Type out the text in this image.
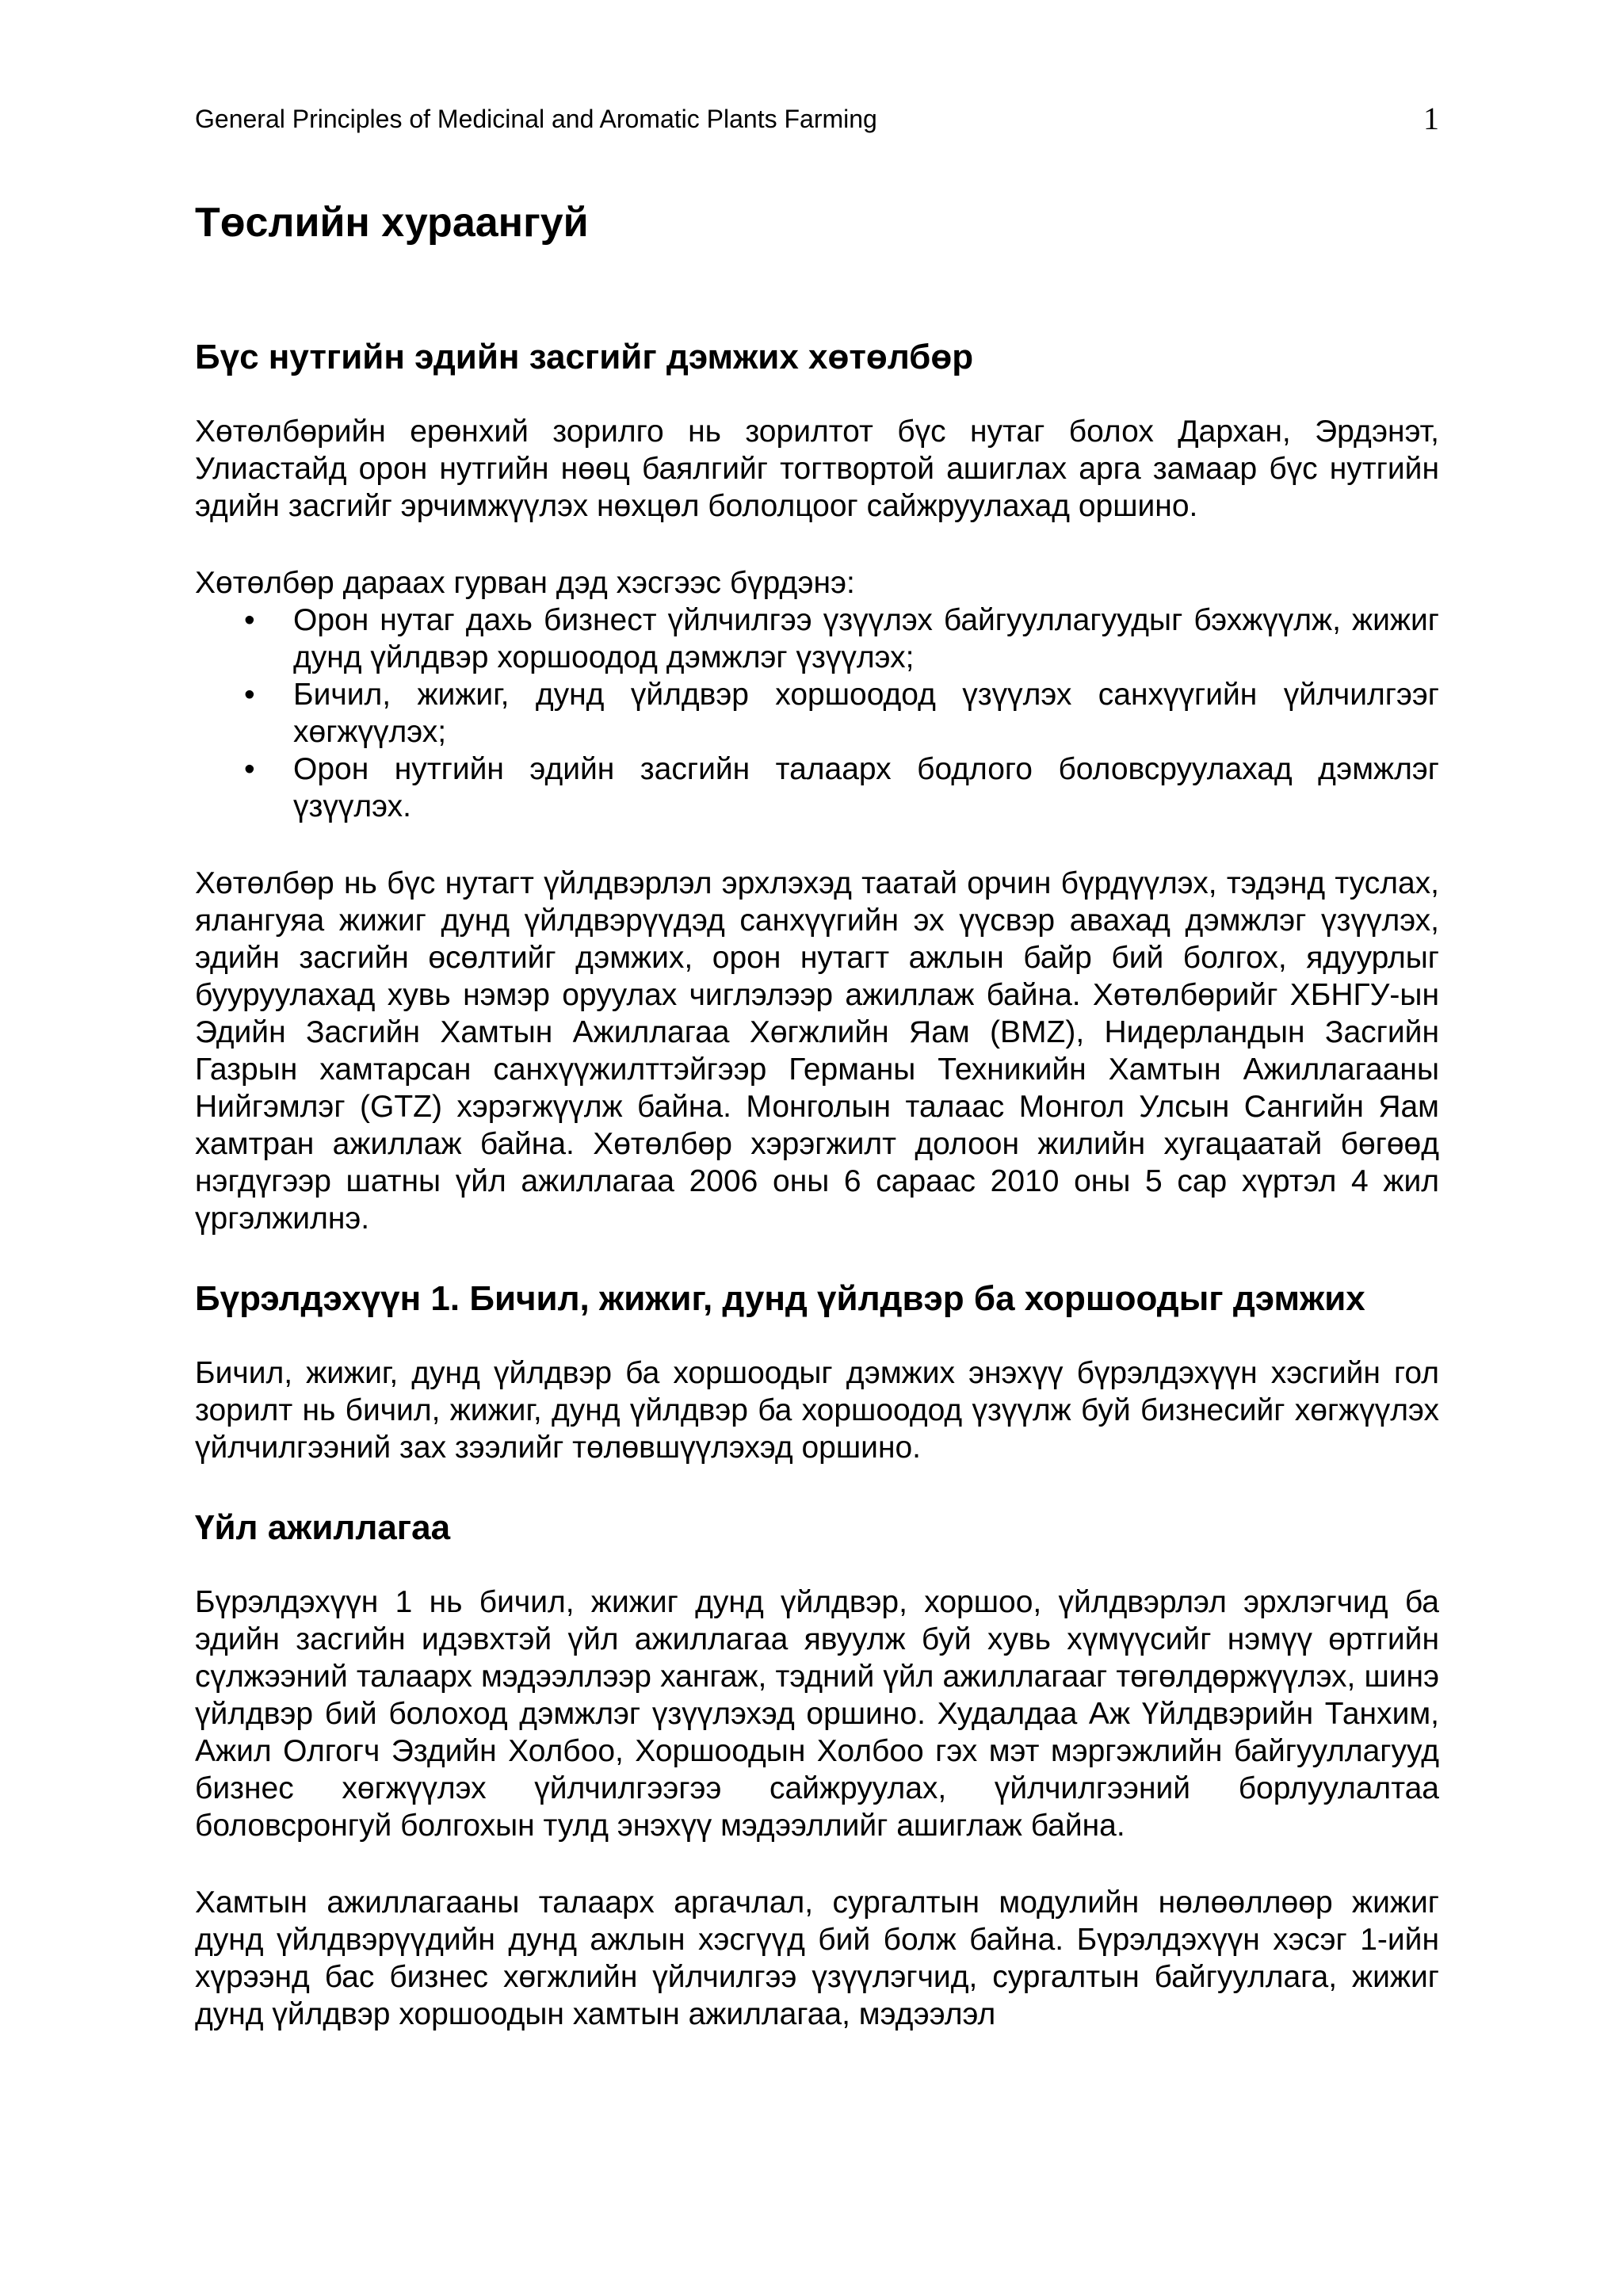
General Principles of Medicinal and Aromatic Plants Farming	1
Төслийн хураангуй
Бүс нутгийн эдийн засгийг дэмжих хөтөлбөр

Хөтөлбөрийн ерөнхий зорилго нь зорилтот бүс нутаг болох Дархан, Эрдэнэт, Улиастайд орон нутгийн нөөц баялгийг тогтвортой ашиглах арга замаар бүс нутгийн эдийн засгийг эрчимжүүлэх нөхцөл бололцоог сайжруулахад оршино.

Хөтөлбөр дараах гурван дэд хэсгээс бүрдэнэ:

• Орон нутаг дахь бизнест үйлчилгээ үзүүлэх байгууллагуудыг бэхжүүлж, жижиг дунд үйлдвэр хоршоодод дэмжлэг үзүүлэх;
• Бичил, жижиг, дунд үйлдвэр хоршоодод үзүүлэх санхүүгийн үйлчилгээг хөгжүүлэх;
• Орон нутгийн эдийн засгийн талаарх бодлого боловсруулахад дэмжлэг үзүүлэх.

Хөтөлбөр нь бүс нутагт үйлдвэрлэл эрхлэхэд таатай орчин бүрдүүлэх, тэдэнд туслах, ялангуяа жижиг дунд үйлдвэрүүдэд санхүүгийн эх үүсвэр авахад дэмжлэг үзүүлэх, эдийн засгийн өсөлтийг дэмжих, орон нутагт ажлын байр бий болгох, ядуурлыг бууруулахад хувь нэмэр оруулах чиглэлээр ажиллаж байна. Хөтөлбөрийг ХБНГУ-ын Эдийн Засгийн Хамтын Ажиллагаа Хөгжлийн Яам (BMZ), Нидерландын Засгийн Газрын хамтарсан санхүүжилттэйгээр Германы Техникийн Хамтын Ажиллагааны Нийгэмлэг (GTZ) хэрэгжүүлж байна. Монголын талаас Монгол Улсын Сангийн Яам хамтран ажиллаж байна. Хөтөлбөр хэрэгжилт долоон жилийн хугацаатай бөгөөд нэгдүгээр шатны үйл ажиллагаа 2006 оны 6 сараас 2010 оны 5 сар хүртэл 4 жил үргэлжилнэ.

Бүрэлдэхүүн 1. Бичил, жижиг, дунд үйлдвэр ба хоршоодыг дэмжих

Бичил, жижиг, дунд үйлдвэр ба хоршоодыг дэмжих энэхүү бүрэлдэхүүн хэсгийн гол зорилт нь бичил, жижиг, дунд үйлдвэр ба хоршоодод үзүүлж буй бизнесийг хөгжүүлэх үйлчилгээний зах зээлийг төлөвшүүлэхэд оршино.

Үйл ажиллагаа

Бүрэлдэхүүн 1 нь бичил, жижиг дунд үйлдвэр, хоршоо, үйлдвэрлэл эрхлэгчид ба эдийн засгийн идэвхтэй үйл ажиллагаа явуулж буй хувь хүмүүсийг нэмүү өртгийн сүлжээний талаарх мэдээллээр хангаж, тэдний үйл ажиллагааг төгөлдөржүүлэх, шинэ үйлдвэр бий болоход дэмжлэг үзүүлэхэд оршино. Худалдаа Аж Үйлдвэрийн Танхим, Ажил Олгогч Эздийн Холбоо, Хоршоодын Холбоо гэх мэт мэргэжлийн байгууллагууд бизнес хөгжүүлэх үйлчилгээгээ сайжруулах, үйлчилгээний борлуулалтаа боловсронгуй болгохын тулд энэхүү мэдээллийг ашиглаж байна.

Хамтын ажиллагааны талаарх аргачлал, сургалтын модулийн нөлөөллөөр жижиг дунд үйлдвэрүүдийн дунд ажлын хэсгүүд бий болж байна. Бүрэлдэхүүн хэсэг 1-ийн хүрээнд бас бизнес хөгжлийн үйлчилгээ үзүүлэгчид, сургалтын байгууллага, жижиг дунд үйлдвэр хоршоодын хамтын ажиллагаа, мэдээлэл
